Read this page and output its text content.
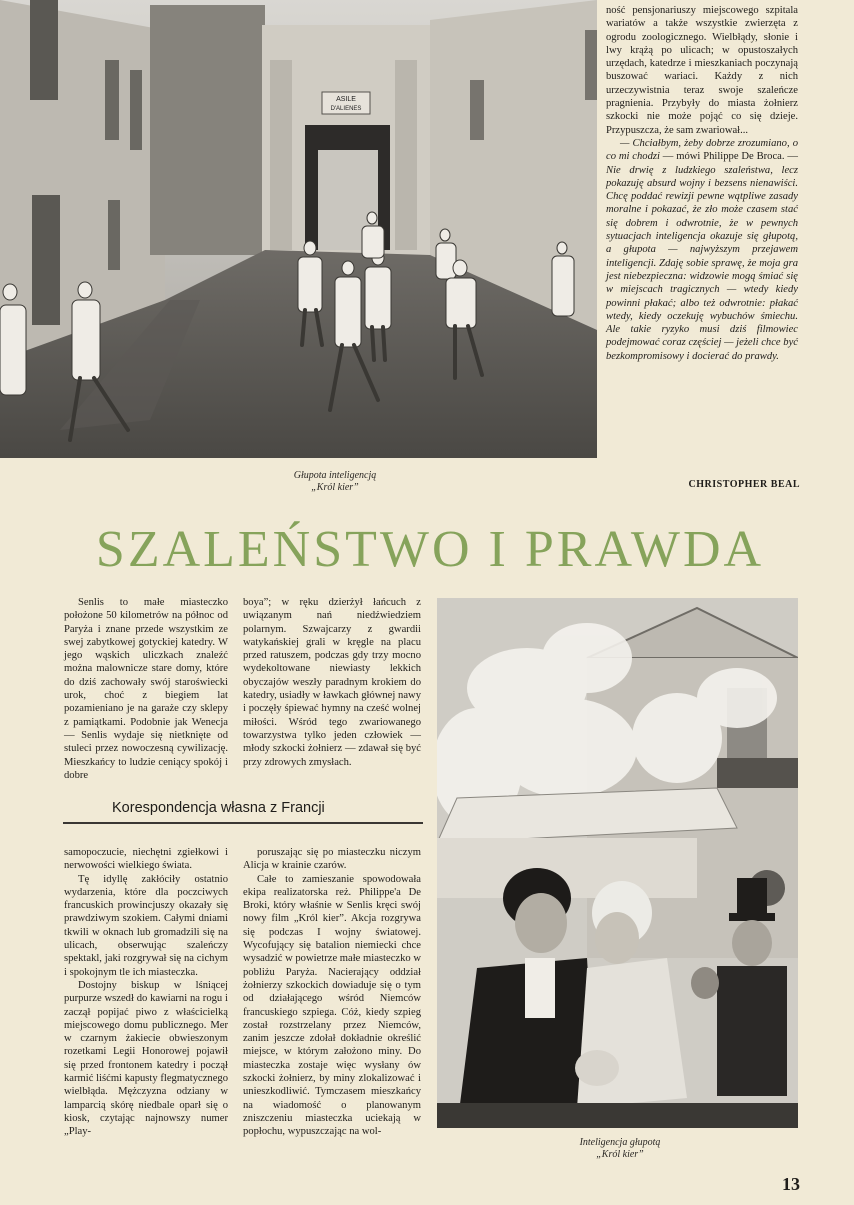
ASILE
D'ALIENES
Głupota inteligencją
„Król kier”

ność pensjonariuszy miejscowego szpitala wariatów a także wszystkie zwierzęta z ogrodu zoologicznego. Wielbłądy, słonie i lwy krążą po ulicach; w opustoszałych urzędach, katedrze i mieszkaniach poczynają buszować wariaci. Każdy z nich urzeczywistnia teraz swoje szaleńcze pragnienia. Przybyły do miasta żołnierz szkocki nie może pojąć co się dzieje. Przypuszcza, że sam zwariował...

— Chciałbym, żeby dobrze zrozumiano, o co mi chodzi — mówi Philippe De Broca. — Nie drwię z ludzkiego szaleństwa, lecz pokazuję absurd wojny i bezsens nienawiści. Chcę poddać rewizji pewne wątpliwe zasady moralne i pokazać, że zło może czasem stać się dobrem i odwrotnie, że w pewnych sytuacjach inteligencja okazuje się głupotą, a głupota — najwyższym przejawem inteligencji. Zdaję sobie sprawę, że moja gra jest niebezpieczna: widzowie mogą śmiać się w miejscach tragicznych — wtedy kiedy powinni płakać; albo też odwrotnie: płakać wtedy, kiedy oczekuję wybuchów śmiechu. Ale takie ryzyko musi dziś filmowiec podejmować coraz częściej — jeżeli chce być bezkompromisowy i docierać do prawdy.

CHRISTOPHER BEAL
SZALEŃSTWO I PRAWDA

Senlis to małe miasteczko położone 50 kilometrów na północ od Paryża i znane przede wszystkim ze swej zabytkowej gotyckiej katedry. W jego wąskich uliczkach znaleźć można malownicze stare domy, które do dziś zachowały swój staroświecki urok, choć z biegiem lat pozamieniano je na garaże czy sklepy z pamiątkami. Podobnie jak Wenecja — Senlis wydaje się nietknięte od stuleci przez nowoczesną cywilizację. Mieszkańcy to ludzie ceniący spokój i dobre

boya”; w ręku dzierżył łańcuch z uwiązanym nań niedźwiedziem polarnym. Szwajcarzy z gwardii watykańskiej grali w kręgle na placu przed ratuszem, podczas gdy trzy mocno wydekoltowane niewiasty lekkich obyczajów weszły paradnym krokiem do katedry, usiadły w ławkach głównej nawy i poczęły śpiewać hymny na cześć wolnej miłości. Wśród tego zwariowanego towarzystwa tylko jeden człowiek — młody szkocki żołnierz — zdawał się być przy zdrowych zmysłach.

Korespondencja własna z Francji

samopoczucie, niechętni zgiełkowi i nerwowości wielkiego świata.

Tę idyllę zakłóciły ostatnio wydarzenia, które dla poczciwych francuskich prowincjuszy okazały się prawdziwym szokiem. Całymi dniami tkwili w oknach lub gromadzili się na ulicach, obserwując szaleńczy spektakl, jaki rozgrywał się na cichym i spokojnym tle ich miasteczka.

Dostojny biskup w lśniącej purpurze wszedł do kawiarni na rogu i zaczął popijać piwo z właścicielką miejscowego domu publicznego. Mer w czarnym żakiecie obwieszonym rozetkami Legii Honorowej pojawił się przed frontonem katedry i począł karmić liśćmi kapusty flegmatycznego wielbłąda. Mężczyzna odziany w lamparcią skórę niedbale oparł się o kiosk, czytając najnowszy numer „Play-

poruszając się po miasteczku niczym Alicja w krainie czarów.

Całe to zamieszanie spowodowała ekipa realizatorska reż. Philippe'a De Broki, który właśnie w Senlis kręci swój nowy film „Król kier”. Akcja rozgrywa się podczas I wojny światowej. Wycofujący się batalion niemiecki chce wysadzić w powietrze małe miasteczko w pobliżu Paryża. Nacierający oddział żołnierzy szkockich dowiaduje się o tym od działającego wśród Niemców francuskiego szpiega. Cóż, kiedy szpieg został rozstrzelany przez Niemców, zanim jeszcze zdołał dokładnie określić miejsce, w którym założono miny. Do miasteczka zostaje więc wysłany ów szkocki żołnierz, by miny zlokalizować i unieszkodliwić. Tymczasem mieszkańcy na wiadomość o planowanym zniszczeniu miasteczka uciekają w popłochu, wypuszczając na wol-

Inteligencja głupotą
„Król kier”
13
